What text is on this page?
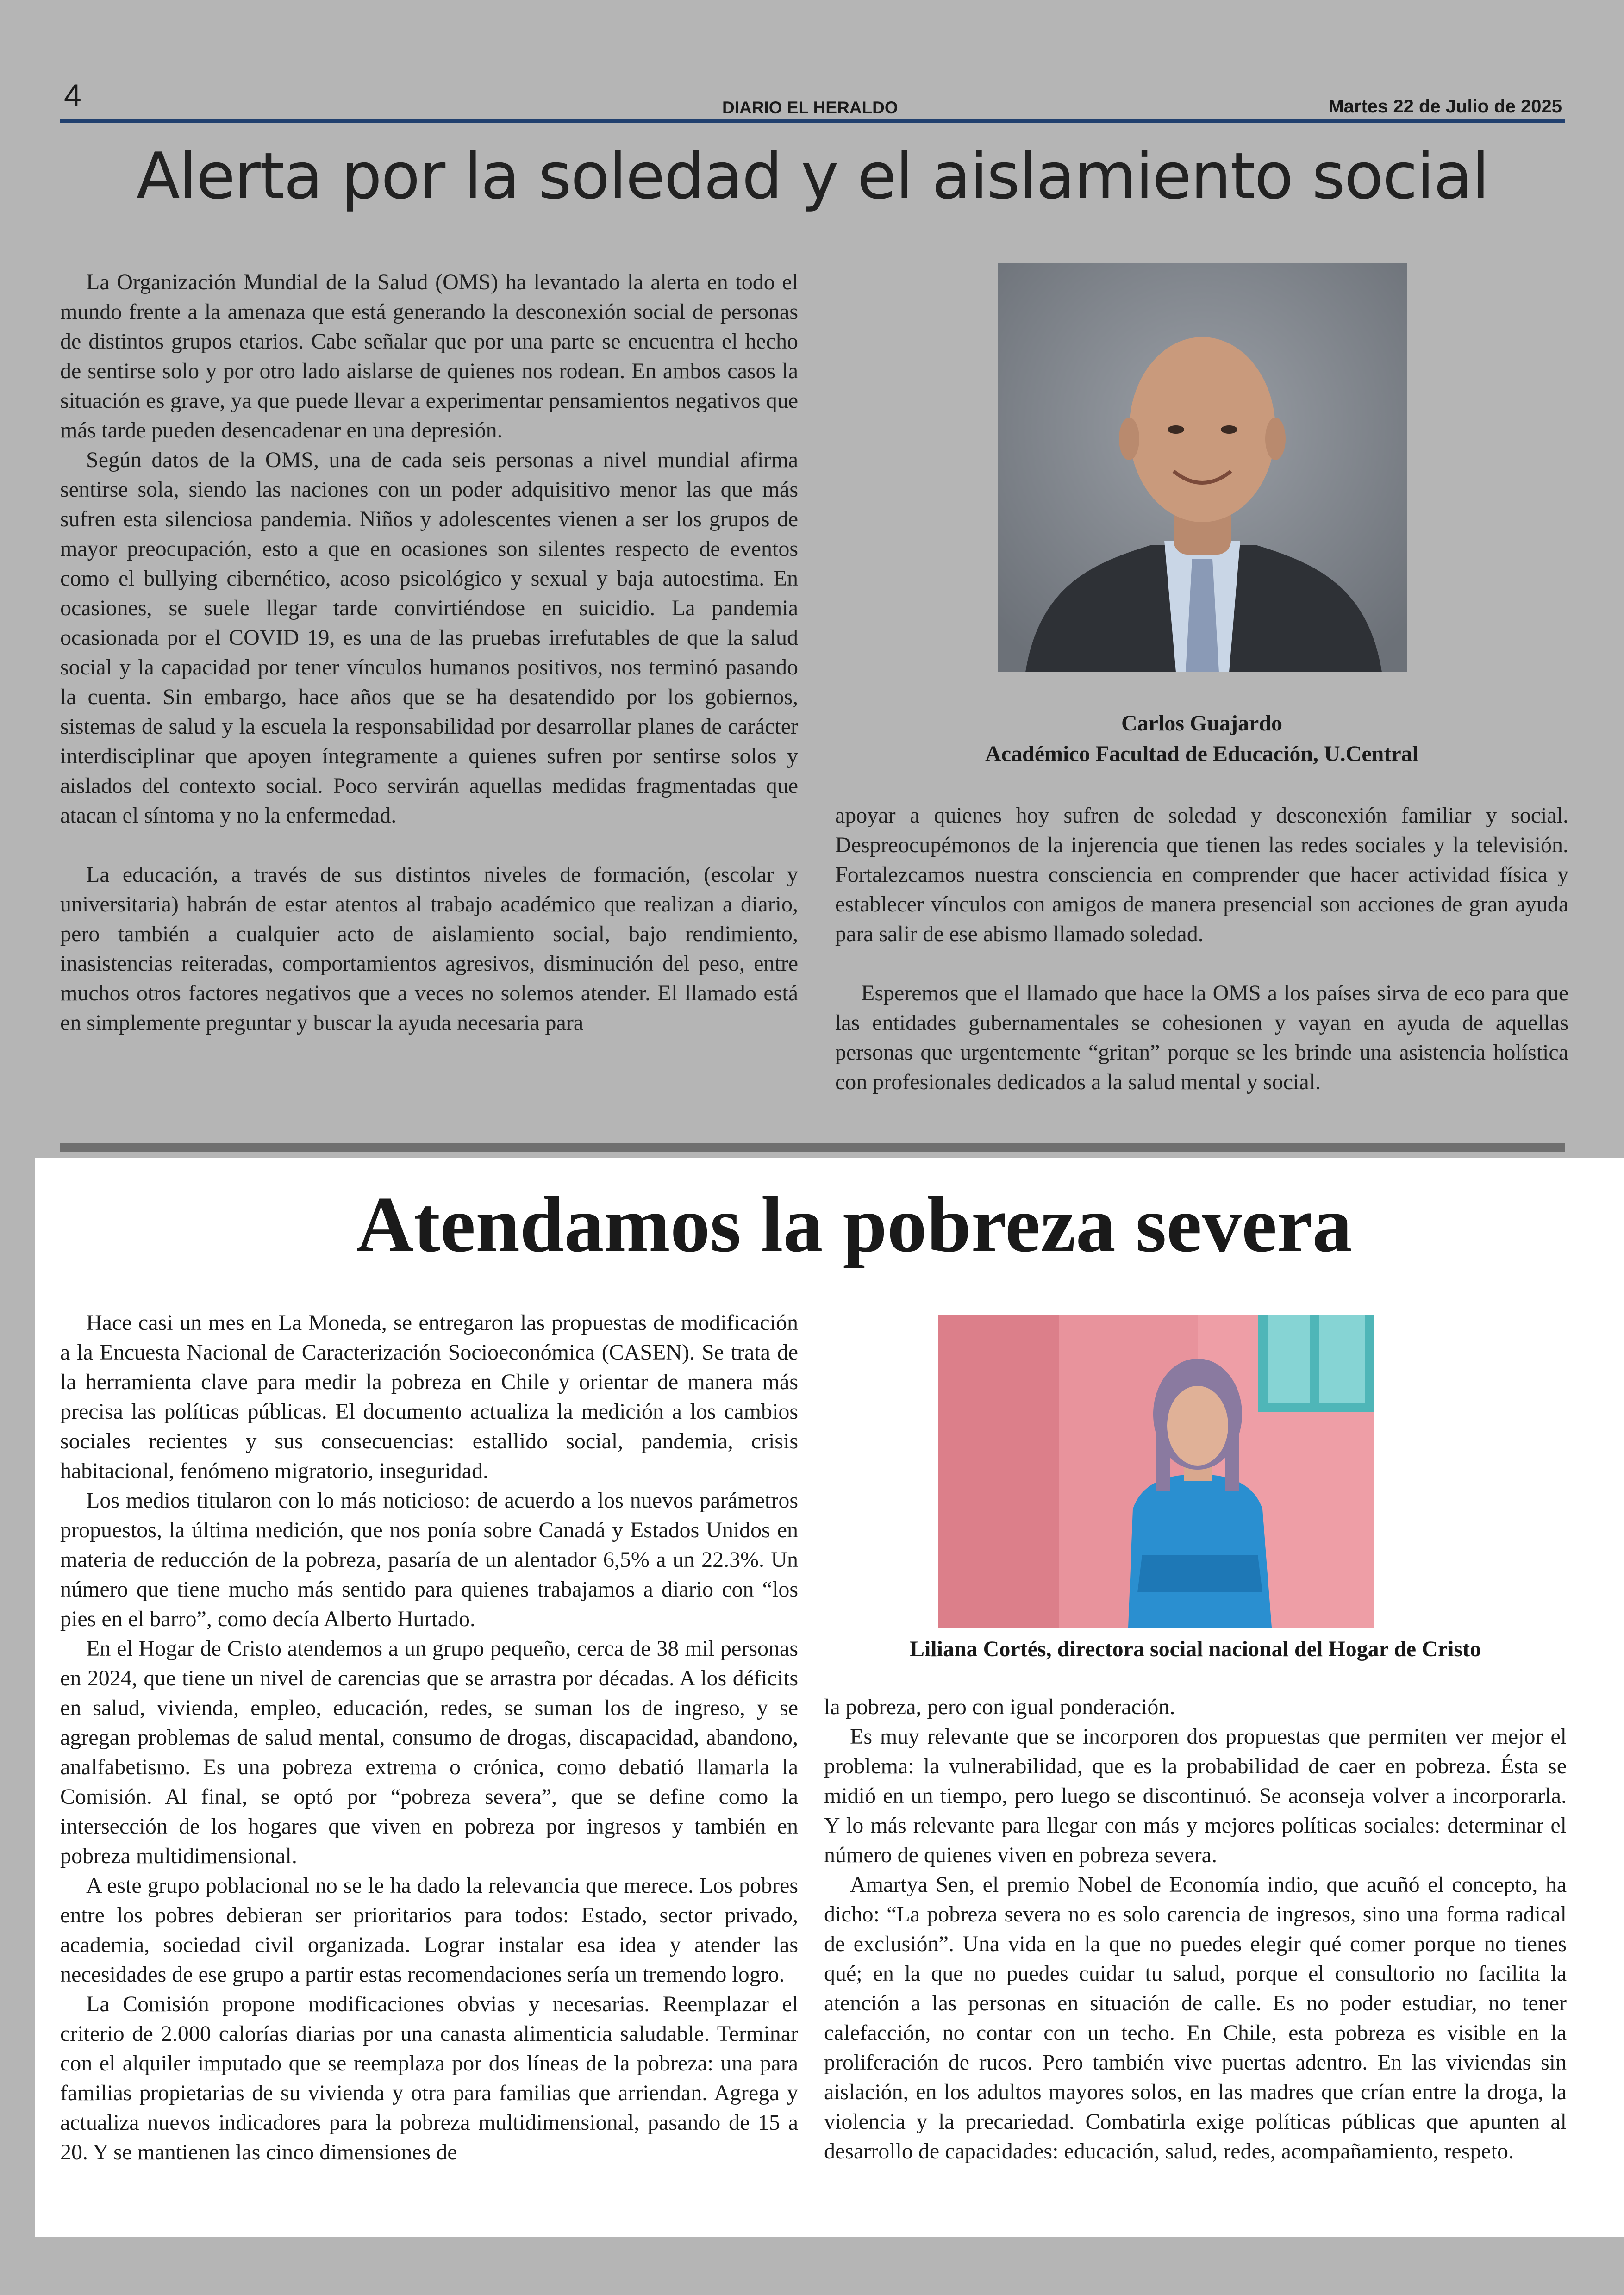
4	DIARIO EL HERALDO	Martes 22 de Julio de 2025
Alerta por la soledad y el aislamiento social

La Organización Mundial de la Salud (OMS) ha levantado la alerta en todo el mundo frente a la amenaza que está generando la desconexión social de personas de distintos grupos etarios. Cabe señalar que por una parte se encuentra el hecho de sentirse solo y por otro lado aislarse de quienes nos rodean. En ambos casos la situación es grave, ya que puede llevar a experimentar pensamientos negativos que más tarde pueden desencadenar en una depresión.

Según datos de la OMS, una de cada seis personas a nivel mundial afirma sentirse sola, siendo las naciones con un poder adquisitivo menor las que más sufren esta silenciosa pandemia. Niños y adolescentes vienen a ser los grupos de mayor preocupación, esto a que en ocasiones son silentes respecto de eventos como el bullying cibernético, acoso psicológico y sexual y baja autoestima. En ocasiones, se suele llegar tarde convirtiéndose en suicidio. La pandemia ocasionada por el COVID 19, es una de las pruebas irrefutables de que la salud social y la capacidad por tener vínculos humanos positivos, nos terminó pasando la cuenta. Sin embargo, hace años que se ha desatendido por los gobiernos, sistemas de salud y la escuela la responsabilidad por desarrollar planes de carácter interdisciplinar que apoyen íntegramente a quienes sufren por sentirse solos y aislados del contexto social. Poco servirán aquellas medidas fragmentadas que atacan el síntoma y no la enfermedad.

La educación, a través de sus distintos niveles de formación, (escolar y universitaria) habrán de estar atentos al trabajo académico que realizan a diario, pero también a cualquier acto de aislamiento social, bajo rendimiento, inasistencias reiteradas, comportamientos agresivos, disminución del peso, entre muchos otros factores negativos que a veces no solemos atender. El llamado está en simplemente preguntar y buscar la ayuda necesaria para

Carlos Guajardo
Académico Facultad de Educación, U.Central

apoyar a quienes hoy sufren de soledad y desconexión familiar y social. Despreocupémonos de la injerencia que tienen las redes sociales y la televisión. Fortalezcamos nuestra consciencia en comprender que hacer actividad física y establecer vínculos con amigos de manera presencial son acciones de gran ayuda para salir de ese abismo llamado soledad.

Esperemos que el llamado que hace la OMS a los países sirva de eco para que las entidades gubernamentales se cohesionen y vayan en ayuda de aquellas personas que urgentemente “gritan” porque se les brinde una asistencia holística con profesionales dedicados a la salud mental y social.

Atendamos la pobreza severa

Hace casi un mes en La Moneda, se entregaron las propuestas de modificación a la Encuesta Nacional de Caracterización Socioeconómica (CASEN). Se trata de la herramienta clave para medir la pobreza en Chile y orientar de manera más precisa las políticas públicas. El documento actualiza la medición a los cambios sociales recientes y sus consecuencias: estallido social, pandemia, crisis habitacional, fenómeno migratorio, inseguridad.

Los medios titularon con lo más noticioso: de acuerdo a los nuevos parámetros propuestos, la última medición, que nos ponía sobre Canadá y Estados Unidos en materia de reducción de la pobreza, pasaría de un alentador 6,5% a un 22.3%. Un número que tiene mucho más sentido para quienes trabajamos a diario con “los pies en el barro”, como decía Alberto Hurtado.

En el Hogar de Cristo atendemos a un grupo pequeño, cerca de 38 mil personas en 2024, que tiene un nivel de carencias que se arrastra por décadas. A los déficits en salud, vivienda, empleo, educación, redes, se suman los de ingreso, y se agregan problemas de salud mental, consumo de drogas, discapacidad, abandono, analfabetismo. Es una pobreza extrema o crónica, como debatió llamarla la Comisión. Al final, se optó por “pobreza severa”, que se define como la intersección de los hogares que viven en pobreza por ingresos y también en pobreza multidimensional.

A este grupo poblacional no se le ha dado la relevancia que merece. Los pobres entre los pobres debieran ser prioritarios para todos: Estado, sector privado, academia, sociedad civil organizada. Lograr instalar esa idea y atender las necesidades de ese grupo a partir estas recomendaciones sería un tremendo logro.

La Comisión propone modificaciones obvias y necesarias. Reemplazar el criterio de 2.000 calorías diarias por una canasta alimenticia saludable. Terminar con el alquiler imputado que se reemplaza por dos líneas de la pobreza: una para familias propietarias de su vivienda y otra para familias que arriendan. Agrega y actualiza nuevos indicadores para la pobreza multidimensional, pasando de 15 a 20. Y se mantienen las cinco dimensiones de

Liliana Cortés, directora social nacional del Hogar de Cristo

la pobreza, pero con igual ponderación.

Es muy relevante que se incorporen dos propuestas que permiten ver mejor el problema: la vulnerabilidad, que es la probabilidad de caer en pobreza. Ésta se midió en un tiempo, pero luego se discontinuó. Se aconseja volver a incorporarla. Y lo más relevante para llegar con más y mejores políticas sociales: determinar el número de quienes viven en pobreza severa.

Amartya Sen, el premio Nobel de Economía indio, que acuñó el concepto, ha dicho: “La pobreza severa no es solo carencia de ingresos, sino una forma radical de exclusión”. Una vida en la que no puedes elegir qué comer porque no tienes qué; en la que no puedes cuidar tu salud, porque el consultorio no facilita la atención a las personas en situación de calle. Es no poder estudiar, no tener calefacción, no contar con un techo. En Chile, esta pobreza es visible en la proliferación de rucos. Pero también vive puertas adentro. En las viviendas sin aislación, en los adultos mayores solos, en las madres que crían entre la droga, la violencia y la precariedad. Combatirla exige políticas públicas que apunten al desarrollo de capacidades: educación, salud, redes, acompañamiento, respeto.
